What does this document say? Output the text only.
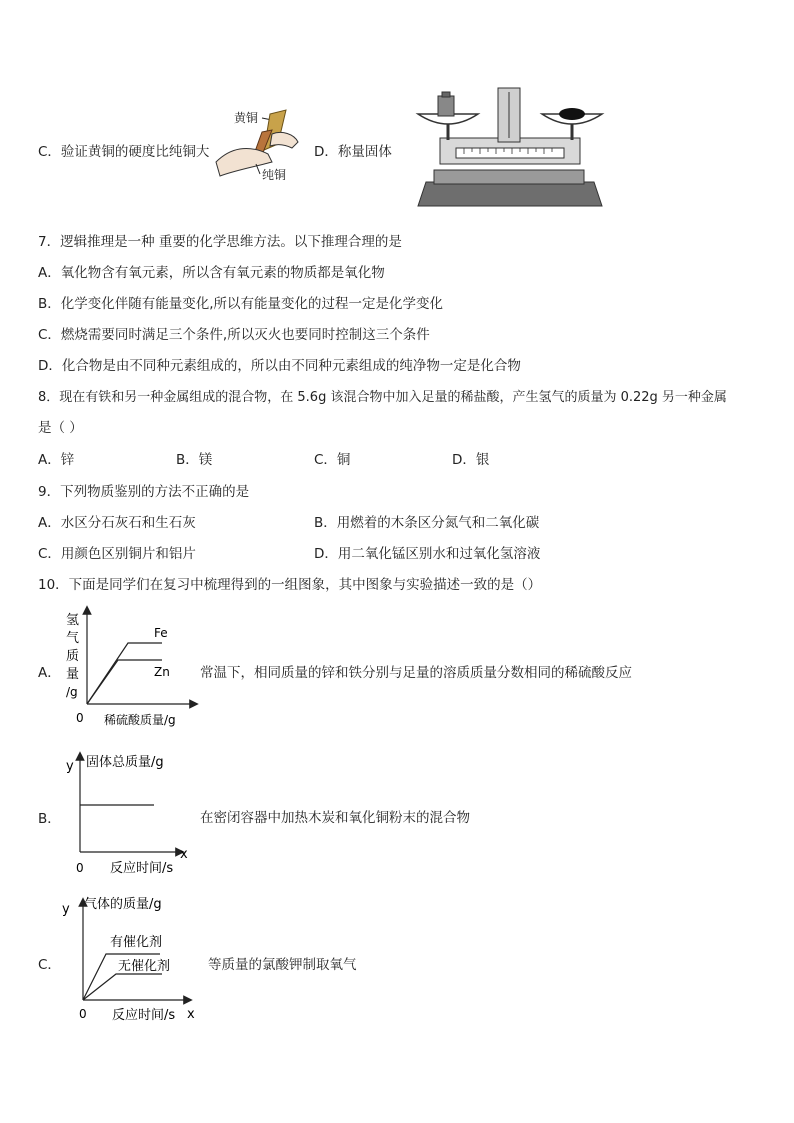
C．验证黄铜的硬度比纯铜大
黄铜
纯铜
D．称量固体
7．逻辑推理是一种 重要的化学思维方法。以下推理合理的是
A．氧化物含有氧元素，所以含有氧元素的物质都是氧化物
B．化学变化伴随有能量变化,所以有能量变化的过程一定是化学变化
C．燃烧需要同时满足三个条件,所以灭火也要同时控制这三个条件
D．化合物是由不同种元素组成的，所以由不同种元素组成的纯净物一定是化合物
8．现在有铁和另一种金属组成的混合物，在 5.6g 该混合物中加入足量的稀盐酸，产生氢气的质量为 0.22g 另一种金属
是（ ）
A．锌	B．镁	C．铜	D．银
9．下列物质鉴别的方法不正确的是
A．水区分石灰石和生石灰	B．用燃着的木条区分氮气和二氧化碳
C．用颜色区别铜片和铝片	D．用二氧化锰区别水和过氧化氢溶液
10．下面是同学们在复习中梳理得到的一组图象，其中图象与实验描述一致的是（）
A．
氢
气
质
量
/g
Fe
Zn
0 稀硫酸质量/g
常温下，相同质量的锌和铁分别与足量的溶质质量分数相同的稀硫酸反应
B．
y 固体总质量/g
x
0 反应时间/s
在密闭容器中加热木炭和氧化铜粉末的混合物
C．
y 气体的质量/g
有催化剂
无催化剂
x
0 反应时间/s
等质量的氯酸钾制取氧气
